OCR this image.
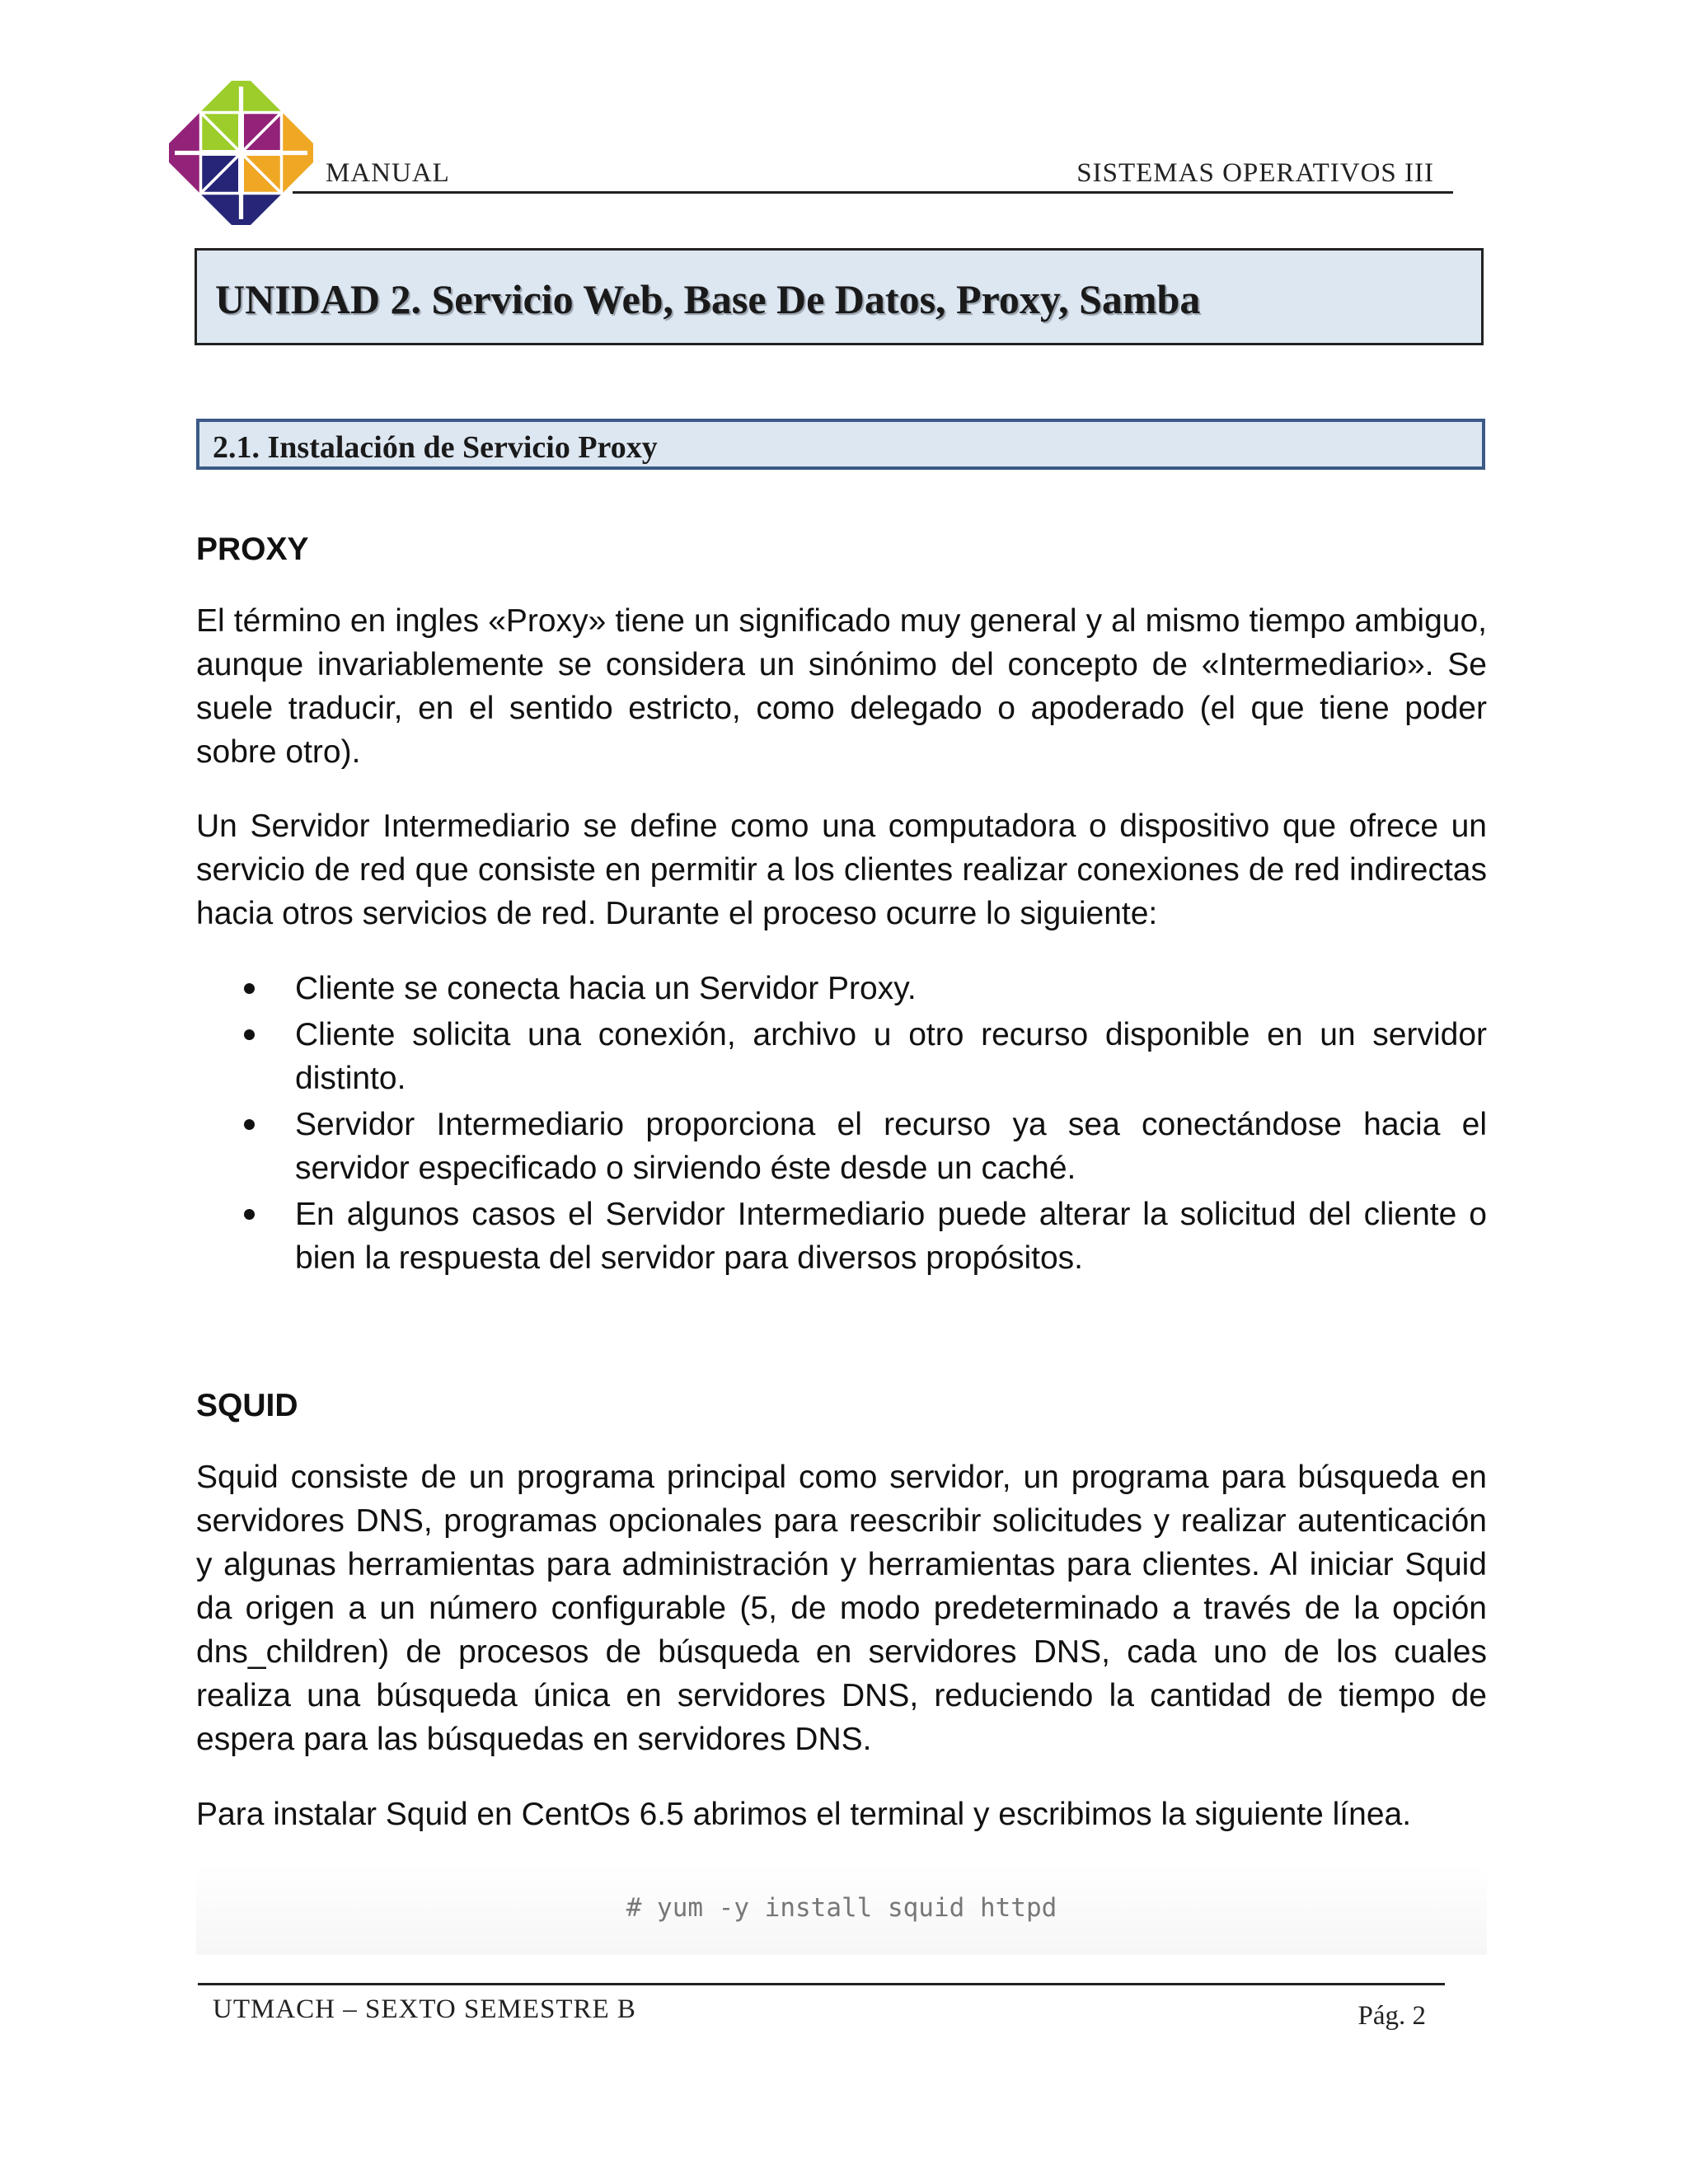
MANUAL	SISTEMAS OPERATIVOS III
UNIDAD 2. Servicio Web, Base De Datos, Proxy, Samba
2.1. Instalación de Servicio Proxy
PROXY

El término en ingles «Proxy» tiene un significado muy general y al mismo tiempo ambiguo, aunque invariablemente se considera un sinónimo del concepto de «Intermediario». Se suele traducir, en el sentido estricto, como delegado o apoderado (el que tiene poder sobre otro).

Un Servidor Intermediario se define como una computadora o dispositivo que ofrece un servicio de red que consiste en permitir a los clientes realizar conexiones de red indirectas hacia otros servicios de red. Durante el proceso ocurre lo siguiente:

Cliente se conecta hacia un Servidor Proxy.
Cliente solicita una conexión, archivo u otro recurso disponible en un servidor distinto.
Servidor Intermediario proporciona el recurso ya sea conectándose hacia el servidor especificado o sirviendo éste desde un caché.
En algunos casos el Servidor Intermediario puede alterar la solicitud del cliente o bien la respuesta del servidor para diversos propósitos.
SQUID

Squid consiste de un programa principal como servidor, un programa para búsqueda en servidores DNS, programas opcionales para reescribir solicitudes y realizar autenticación y algunas herramientas para administración y herramientas para clientes. Al iniciar Squid da origen a un número configurable (5, de modo predeterminado a través de la opción dns_children) de procesos de búsqueda en servidores DNS, cada uno de los cuales realiza una búsqueda única en servidores DNS, reduciendo la cantidad de tiempo de espera para las búsquedas en servidores DNS.

Para instalar Squid en CentOs 6.5 abrimos el terminal y escribimos la siguiente línea.

# yum -y install squid httpd
UTMACH – SEXTO SEMESTRE B	Pág. 2
